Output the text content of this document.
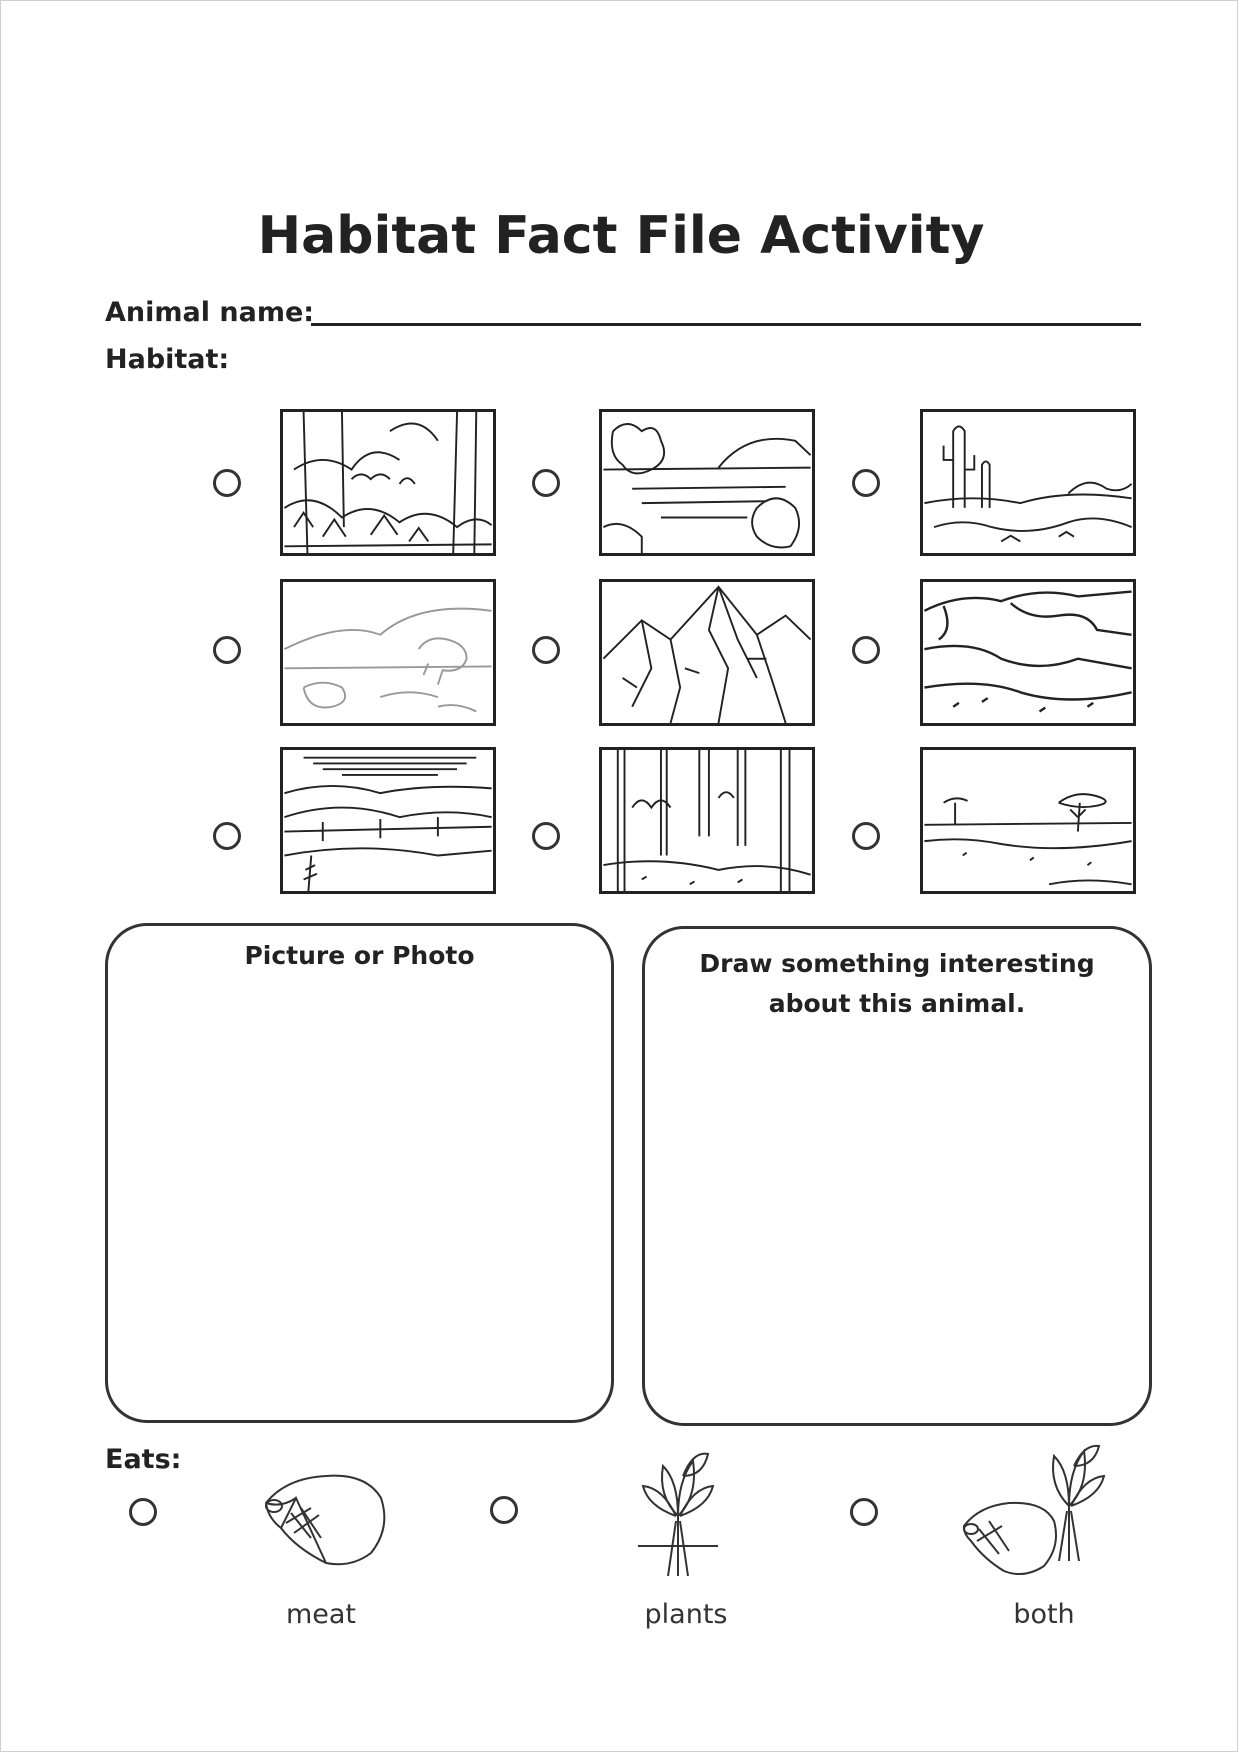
Habitat Fact File Activity
Animal name:
Habitat:
Picture or Photo	Draw something interesting
about this animal.
Eats:
meat	plants	both
